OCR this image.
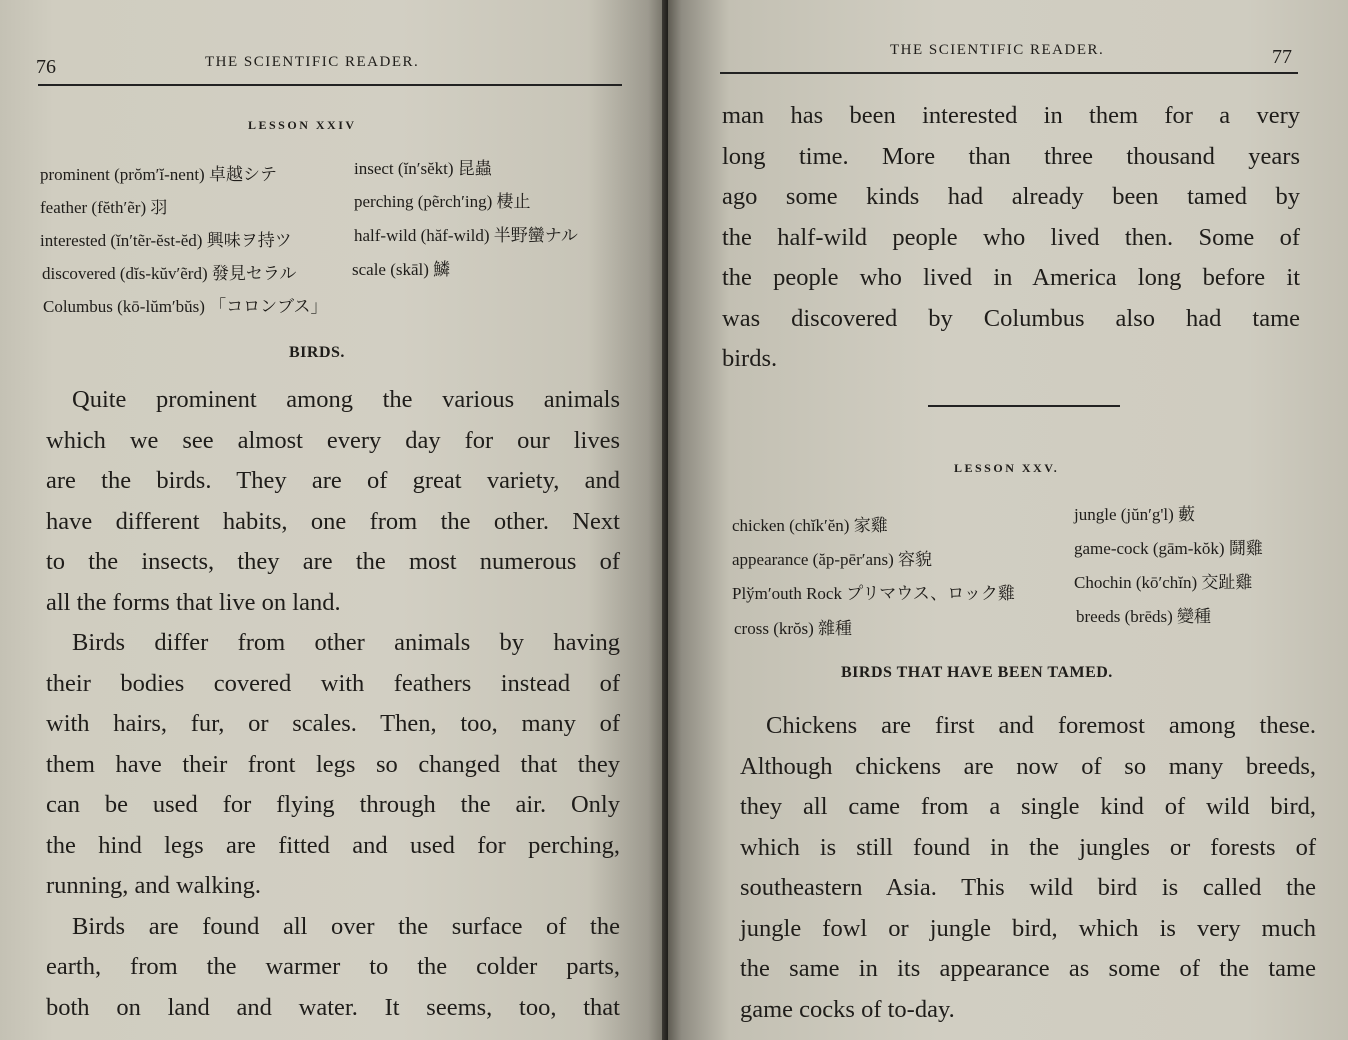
76	THE SCIENTIFIC READER.
LESSON XXIV
prominent (prŏm′ĭ-nent) 卓越シテ
feather (fĕth′ẽr) 羽
interested (ĭn′tẽr-ĕst-ĕd) 興味ヲ持ツ
discovered (dĭs-kŭv′ẽrd) 發見セラル
Columbus (kō-lŭm′bŭs) 「コロンブス」
insect (ĭn′sĕkt) 昆蟲
perching (pẽrch′ing) 棲止
half-wild (hăf-wild) 半野蠻ナル
scale (skāl) 鱗
BIRDS.
Quite prominent among the various animals
which we see almost every day for our lives
are the birds. They are of great variety, and
have different habits, one from the other. Next
to the insects, they are the most numerous of
all the forms that live on land.
Birds differ from other animals by having
their bodies covered with feathers instead of
with hairs, fur, or scales. Then, too, many of
them have their front legs so changed that they
can be used for flying through the air. Only
the hind legs are fitted and used for perching,
running, and walking.
Birds are found all over the surface of the
earth, from the warmer to the colder parts,
both on land and water. It seems, too, that
THE SCIENTIFIC READER.	77
man has been interested in them for a very
long time. More than three thousand years
ago some kinds had already been tamed by
the half-wild people who lived then. Some of
the people who lived in America long before it
was discovered by Columbus also had tame
birds.
LESSON XXV.
chicken (chĭk′ĕn) 家雞
appearance (ăp-pēr′ans) 容貌
Plўm′outh Rock プリマウス、ロック雞
cross (krŏs) 雜種
jungle (jŭn′g'l) 藪
game-cock (gām-kŏk) 鬪雞
Chochin (kō′chĭn) 交趾雞
breeds (brēds) 變種
BIRDS THAT HAVE BEEN TAMED.
Chickens are first and foremost among these.
Although chickens are now of so many breeds,
they all came from a single kind of wild bird,
which is still found in the jungles or forests of
southeastern Asia. This wild bird is called the
jungle fowl or jungle bird, which is very much
the same in its appearance as some of the tame
game cocks of to-day.
